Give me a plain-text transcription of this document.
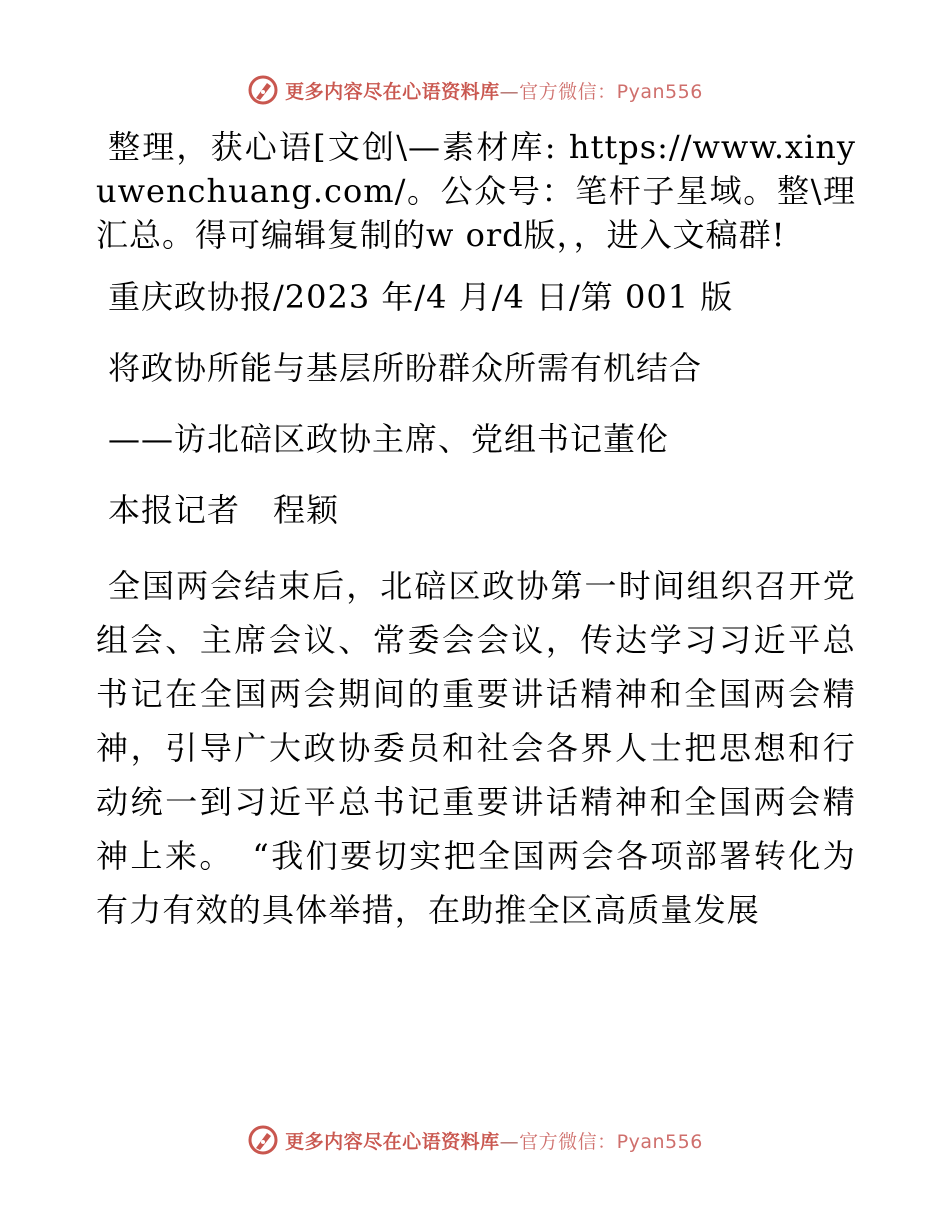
更多内容尽在心语资料库—官方微信：Pyan556

整理，获心语[文创\—素材库: https://www.xinyuwenchuang.com/。公众号：笔杆子星域。整\理汇总。得可编辑复制的w ord版，，进入文稿群!

重庆政协报/2023 年/4 月/4 日/第 001 版

将政协所能与基层所盼群众所需有机结合

——访北碚区政协主席、党组书记董伦

本报记者　程颖

全国两会结束后，北碚区政协第一时间组织召开党组会、主席会议、常委会会议，传达学习习近平总书记在全国两会期间的重要讲话精神和全国两会精神，引导广大政协委员和社会各界人士把思想和行动统一到习近平总书记重要讲话精神和全国两会精神上来。　“我们要切实把全国两会各项部署转化为有力有效的具体举措，在助推全区高质量发展

更多内容尽在心语资料库—官方微信：Pyan556
